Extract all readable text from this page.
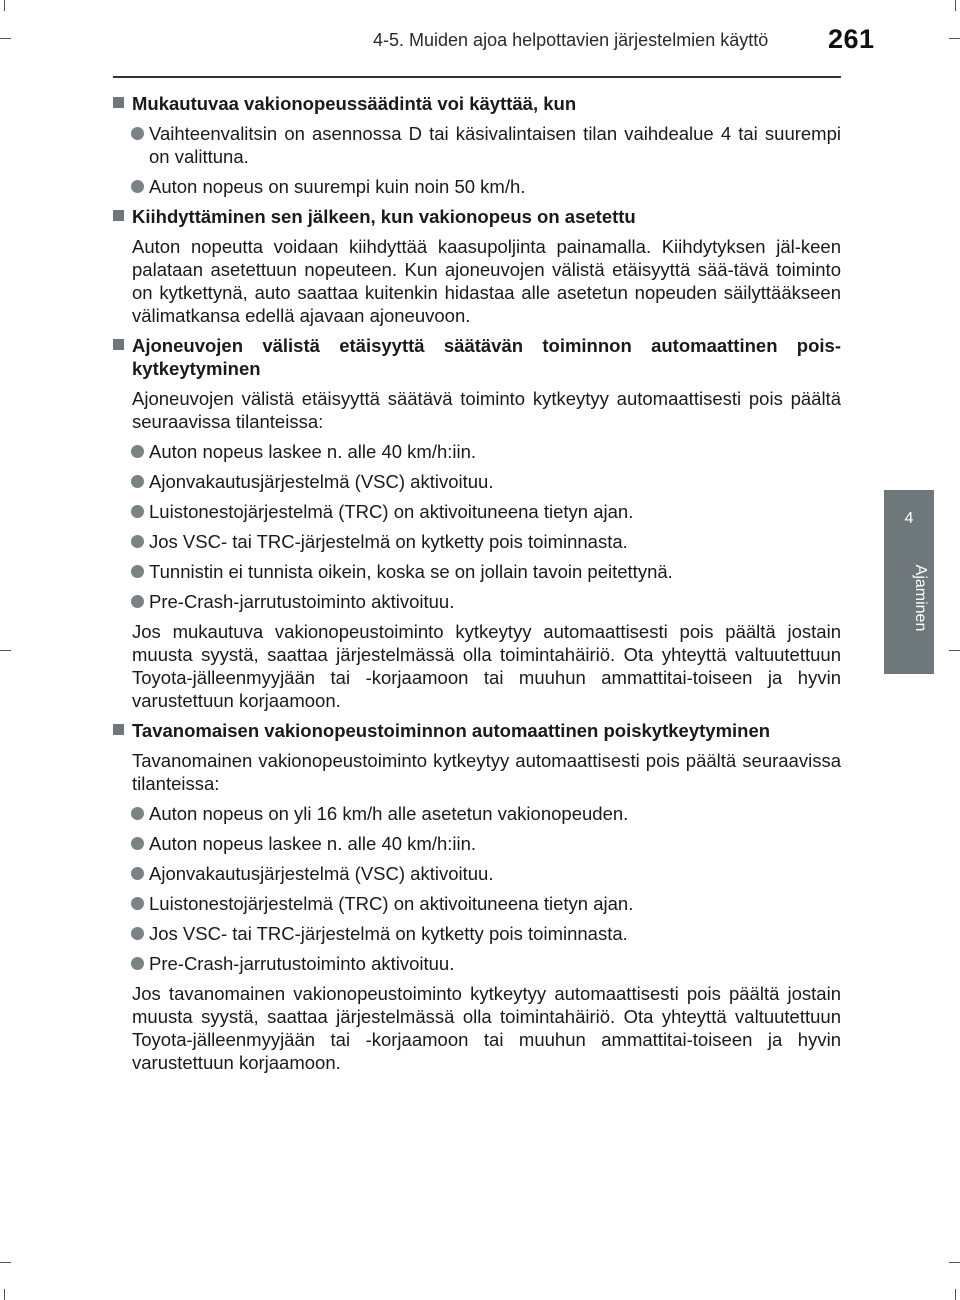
4-5. Muiden ajoa helpottavien järjestelmien käyttö 261
4
Ajaminen
Mukautuvaa vakionopeussäädintä voi käyttää, kun
Vaihteenvalitsin on asennossa D tai käsivalintaisen tilan vaihdealue 4 tai suurempi on valittuna.
Auton nopeus on suurempi kuin noin 50 km/h.
Kiihdyttäminen sen jälkeen, kun vakionopeus on asetettu
Auton nopeutta voidaan kiihdyttää kaasupoljinta painamalla. Kiihdytyksen jäl-keen palataan asetettuun nopeuteen. Kun ajoneuvojen välistä etäisyyttä sää-tävä toiminto on kytkettynä, auto saattaa kuitenkin hidastaa alle asetetun nopeuden säilyttääkseen välimatkansa edellä ajavaan ajoneuvoon.
Ajoneuvojen välistä etäisyyttä säätävän toiminnon automaattinen pois-kytkeytyminen
Ajoneuvojen välistä etäisyyttä säätävä toiminto kytkeytyy automaattisesti pois päältä seuraavissa tilanteissa:
Auton nopeus laskee n. alle 40 km/h:iin.
Ajonvakautusjärjestelmä (VSC) aktivoituu.
Luistonestojärjestelmä (TRC) on aktivoituneena tietyn ajan.
Jos VSC- tai TRC-järjestelmä on kytketty pois toiminnasta.
Tunnistin ei tunnista oikein, koska se on jollain tavoin peitettynä.
Pre-Crash-jarrutustoiminto aktivoituu.
Jos mukautuva vakionopeustoiminto kytkeytyy automaattisesti pois päältä jostain muusta syystä, saattaa järjestelmässä olla toimintahäiriö. Ota yhteyttä valtuutettuun Toyota-jälleenmyyjään tai -korjaamoon tai muuhun ammattitai-toiseen ja hyvin varustettuun korjaamoon.
Tavanomaisen vakionopeustoiminnon automaattinen poiskytkeytyminen
Tavanomainen vakionopeustoiminto kytkeytyy automaattisesti pois päältä seuraavissa tilanteissa:
Auton nopeus on yli 16 km/h alle asetetun vakionopeuden.
Auton nopeus laskee n. alle 40 km/h:iin.
Ajonvakautusjärjestelmä (VSC) aktivoituu.
Luistonestojärjestelmä (TRC) on aktivoituneena tietyn ajan.
Jos VSC- tai TRC-järjestelmä on kytketty pois toiminnasta.
Pre-Crash-jarrutustoiminto aktivoituu.
Jos tavanomainen vakionopeustoiminto kytkeytyy automaattisesti pois päältä jostain muusta syystä, saattaa järjestelmässä olla toimintahäiriö. Ota yhteyttä valtuutettuun Toyota-jälleenmyyjään tai -korjaamoon tai muuhun ammattitai-toiseen ja hyvin varustettuun korjaamoon.
